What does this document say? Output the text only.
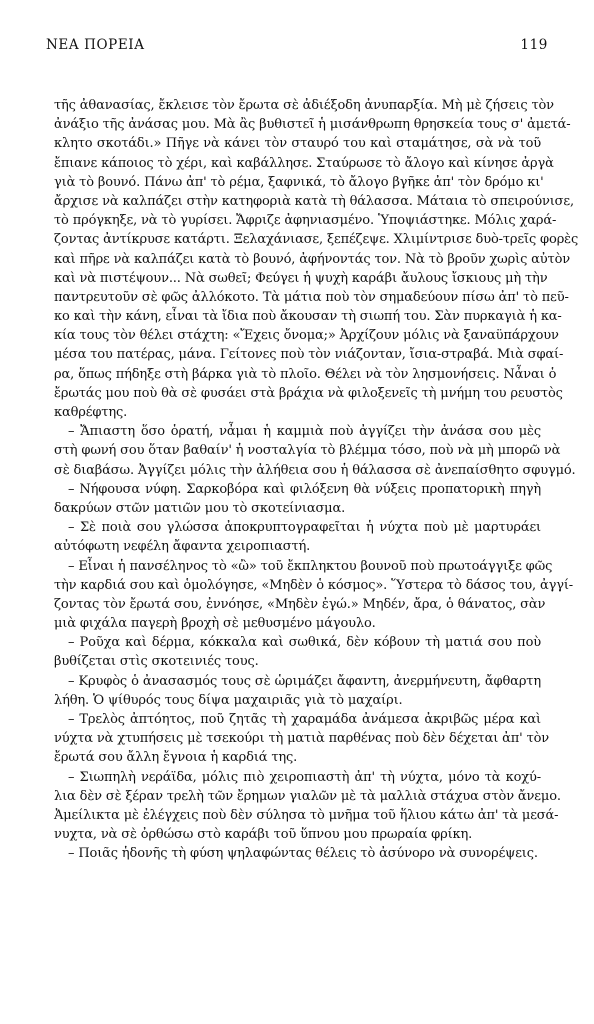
ΝΕΑ ΠΟΡΕΙΑ	119
τῆς ἀθανασίας, ἔκλεισε τὸν ἔρωτα σὲ ἀδιέξοδη ἀνυπαρξία. Μὴ μὲ ζήσεις τὸν
ἀνάξιο τῆς ἀνάσας μου. Μὰ ἂς βυθιστεῖ ἡ μισάνθρωπη θρησκεία τους σ' ἀμετά-
κλητο σκοτάδι.» Πῆγε νὰ κάνει τὸν σταυρό του καὶ σταμάτησε, σὰ νὰ τοῦ
ἔπιανε κάποιος τὸ χέρι, καὶ καβάλλησε. Σταύρωσε τὸ ἄλογο καὶ κίνησε ἀργὰ
γιὰ τὸ βουνό. Πάνω ἀπ' τὸ ρέμα, ξαφνικά, τὸ ἄλογο βγῆκε ἀπ' τὸν δρόμο κι'
ἄρχισε νὰ καλπάζει στὴν κατηφοριὰ κατὰ τὴ θάλασσα. Μάταια τὸ σπειρούνισε,
τὸ πρόγκηξε, νὰ τὸ γυρίσει. Ἄφριζε ἀφηνιασμένο. Ὑποψιάστηκε. Μόλις χαρά-
ζοντας ἀντίκρυσε κατάρτι. Ξελαχάνιασε, ξεπέζεψε. Χλιμίντρισε δυὸ-τρεῖς φορὲς
καὶ πῆρε νὰ καλπάζει κατὰ τὸ βουνό, ἀφήνοντάς τον. Νὰ τὸ βροῦν χωρὶς αὐτὸν
καὶ νὰ πιστέψουν... Νὰ σωθεῖ; Φεύγει ἡ ψυχὴ καράβι ἄυλους ἴσκιους μὴ τὴν
παντρευτοῦν σὲ φῶς ἀλλόκοτο. Τὰ μάτια ποὺ τὸν σημαδεύουν πίσω ἀπ' τὸ πεῦ-
κο καὶ τὴν κάνη, εἶναι τὰ ἴδια ποὺ ἄκουσαν τὴ σιωπή του. Σὰν πυρκαγιὰ ἡ κα-
κία τους τὸν θέλει στάχτη: «Ἔχεις ὄνομα;» Ἀρχίζουν μόλις νὰ ξαναϋπάρχουν
μέσα του πατέρας, μάνα. Γείτονες ποὺ τὸν νιάζονταν, ἴσια-στραβά. Μιὰ σφαί-
ρα, ὅπως πήδηξε στὴ βάρκα γιὰ τὸ πλοῖο. Θέλει νὰ τὸν λησμονήσεις. Νἆναι ὁ
ἔρωτάς μου ποὺ θὰ σὲ φυσάει στὰ βράχια νὰ φιλοξενεῖς τὴ μνήμη του ρευστὸς
καθρέφτης.
– Ἄπιαστη ὅσο ὁρατή, νἆμαι ἡ καμμιὰ ποὺ ἀγγίζει τὴν ἀνάσα σου μὲς
στὴ φωνή σου ὅταν βαθαίν' ἡ νοσταλγία τὸ βλέμμα τόσο, ποὺ νὰ μὴ μπορῶ νὰ
σὲ διαβάσω. Ἀγγίζει μόλις τὴν ἀλήθεια σου ἡ θάλασσα σὲ ἀνεπαίσθητο σφυγμό.
– Νήφουσα νύφη. Σαρκοβόρα καὶ φιλόξενη θὰ νύξεις προπατορικὴ πηγὴ
δακρύων στῶν ματιῶν μου τὸ σκοτείνιασμα.
– Σὲ ποιὰ σου γλώσσα ἀποκρυπτογραφεῖται ἡ νύχτα ποὺ μὲ μαρτυράει
αὐτόφωτη νεφέλη ἄφαντα χειροπιαστή.
– Εἶναι ἡ πανσέληνος τὸ «ὢ» τοῦ ἔκπληκτου βουνοῦ ποὺ πρωτοάγγιξε φῶς
τὴν καρδιά σου καὶ ὁμολόγησε, «Μηδὲν ὁ κόσμος». Ὕστερα τὸ δάσος του, ἀγγί-
ζοντας τὸν ἔρωτά σου, ἐννόησε, «Μηδὲν ἐγώ.» Μηδέν, ἄρα, ὁ θάνατος, σὰν
μιὰ φιχάλα παγερὴ βροχὴ σὲ μεθυσμένο μάγουλο.
– Ροῦχα καὶ δέρμα, κόκκαλα καὶ σωθικά, δὲν κόβουν τὴ ματιά σου ποὺ
βυθίζεται στὶς σκοτεινιές τους.
– Κρυφὸς ὁ ἀνασασμός τους σὲ ὡριμάζει ἄφαντη, ἀνερμήνευτη, ἄφθαρτη
λήθη. Ὁ ψίθυρός τους δίψα μαχαιριᾶς γιὰ τὸ μαχαίρι.
– Τρελὸς ἀπτόητος, ποῦ ζητᾶς τὴ χαραμάδα ἀνάμεσα ἀκριβῶς μέρα καὶ
νύχτα νὰ χτυπήσεις μὲ τσεκούρι τὴ ματιὰ παρθένας ποὺ δὲν δέχεται ἀπ' τὸν
ἔρωτά σου ἄλλη ἔγνοια ἡ καρδιά της.
– Σιωπηλὴ νεράϊδα, μόλις πιὸ χειροπιαστὴ ἀπ' τὴ νύχτα, μόνο τὰ κοχύ-
λια δὲν σὲ ξέραν τρελὴ τῶν ἔρημων γιαλῶν μὲ τὰ μαλλιὰ στάχυα στὸν ἄνεμο.
Ἀμείλικτα μὲ ἐλέγχεις ποὺ δὲν σύλησα τὸ μνῆμα τοῦ ἥλιου κάτω ἀπ' τὰ μεσά-
νυχτα, νὰ σὲ ὀρθώσω στὸ καράβι τοῦ ὕπνου μου πρωραία φρίκη.
– Ποιᾶς ἡδονῆς τὴ φύση ψηλαφώντας θέλεις τὸ ἀσύνορο νὰ συνορέψεις.
